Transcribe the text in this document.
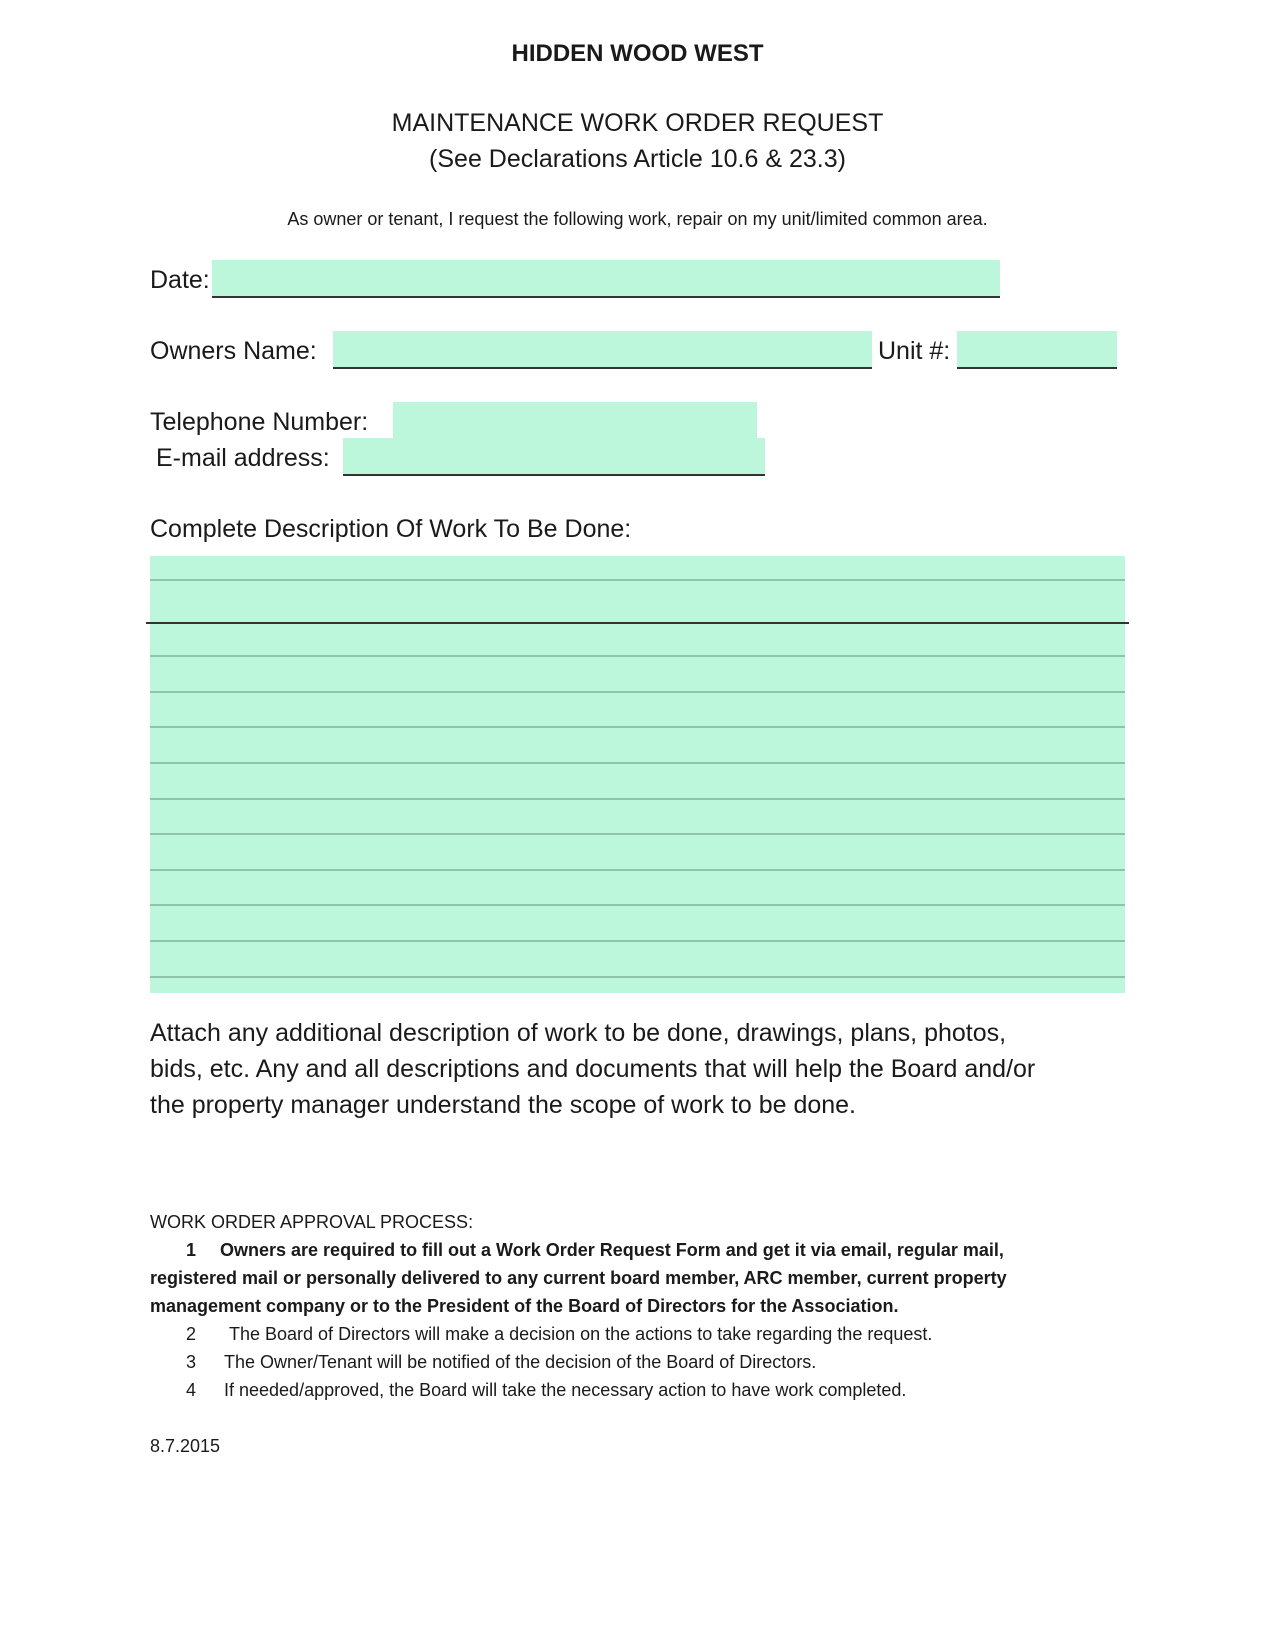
HIDDEN WOOD WEST
MAINTENANCE WORK ORDER REQUEST
(See Declarations Article 10.6 & 23.3)
As owner or tenant, I request the following work, repair on my unit/limited common area.
Date:
Owners Name:	Unit #:
Telephone Number:
E-mail address:
Complete Description Of Work To Be Done:
Attach any additional description of work to be done, drawings, plans, photos,
bids, etc. Any and all descriptions and documents that will help the Board and/or
the property manager understand the scope of work to be done.
WORK ORDER APPROVAL PROCESS:
1 Owners are required to fill out a Work Order Request Form and get it via email, regular mail,
registered mail or personally delivered to any current board member, ARC member, current property
management company or to the President of the Board of Directors for the Association.
2 The Board of Directors will make a decision on the actions to take regarding the request.
3 The Owner/Tenant will be notified of the decision of the Board of Directors.
4 If needed/approved, the Board will take the necessary action to have work completed.
8.7.2015
